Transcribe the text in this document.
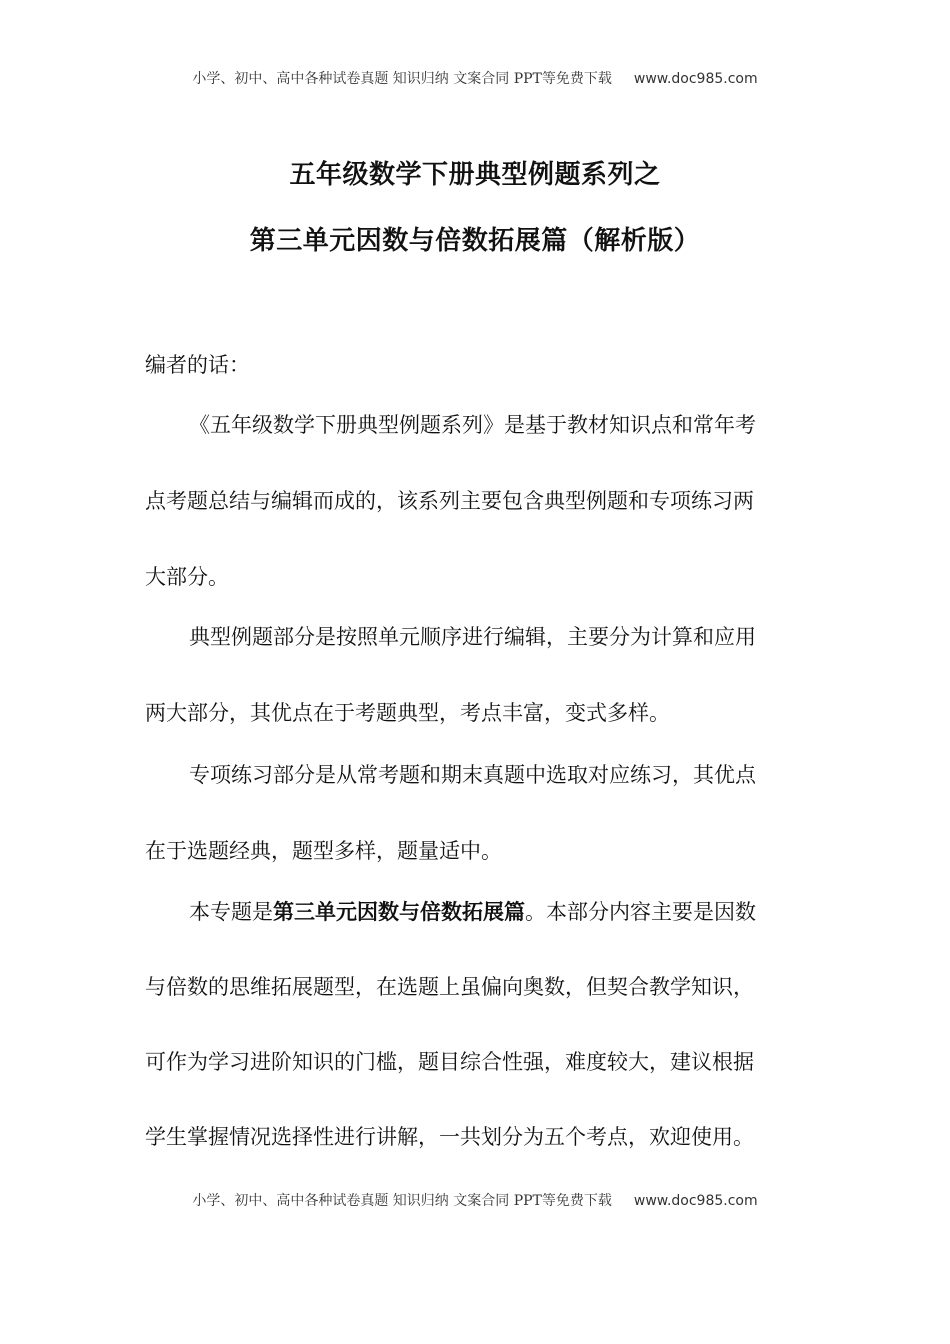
小学、初中、高中各种试卷真题 知识归纳 文案合同 PPT等免费下载 www.doc985.com
五年级数学下册典型例题系列之
第三单元因数与倍数拓展篇（解析版）
编者的话：
《五年级数学下册典型例题系列》是基于教材知识点和常年考
点考题总结与编辑而成的，该系列主要包含典型例题和专项练习两
大部分。
典型例题部分是按照单元顺序进行编辑，主要分为计算和应用
两大部分，其优点在于考题典型，考点丰富，变式多样。
专项练习部分是从常考题和期末真题中选取对应练习，其优点
在于选题经典，题型多样，题量适中。
本专题是第三单元因数与倍数拓展篇。本部分内容主要是因数
与倍数的思维拓展题型，在选题上虽偏向奥数，但契合教学知识，
可作为学习进阶知识的门槛，题目综合性强，难度较大，建议根据
学生掌握情况选择性进行讲解，一共划分为五个考点，欢迎使用。
小学、初中、高中各种试卷真题 知识归纳 文案合同 PPT等免费下载 www.doc985.com
